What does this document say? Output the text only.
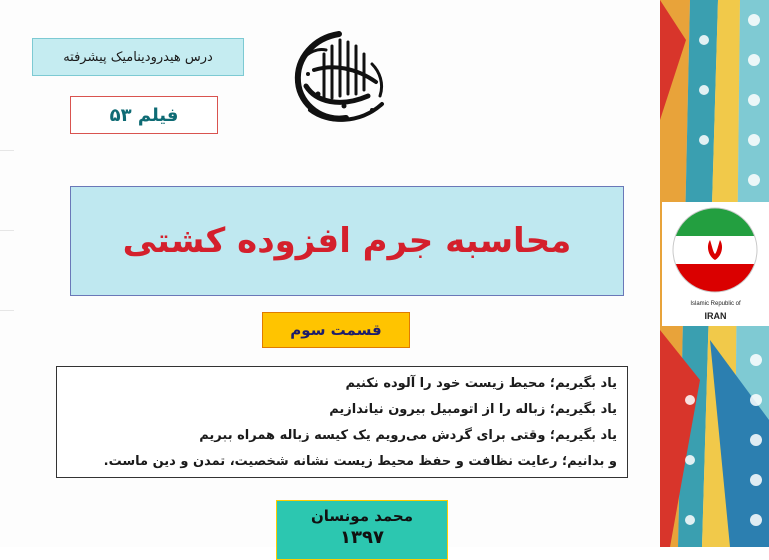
درس هیدرودینامیک پیشرفته
فیلم ۵۳
محاسبه جرم افزوده کشتی
قسمت سوم
یاد بگیریم؛ محیط زیست خود را آلوده نکنیم
یاد بگیریم؛ زباله را از اتومبیل بیرون نیاندازیم
یاد بگیریم؛ وقتی برای گردش می‌رویم یک کیسه زباله همراه ببریم
و بدانیم؛ رعایت نظافت و حفظ محیط زیست نشانه شخصیت، تمدن و دین ماست.
محمد مونسان
۱۳۹۷
Islamic Republic of
IRAN
